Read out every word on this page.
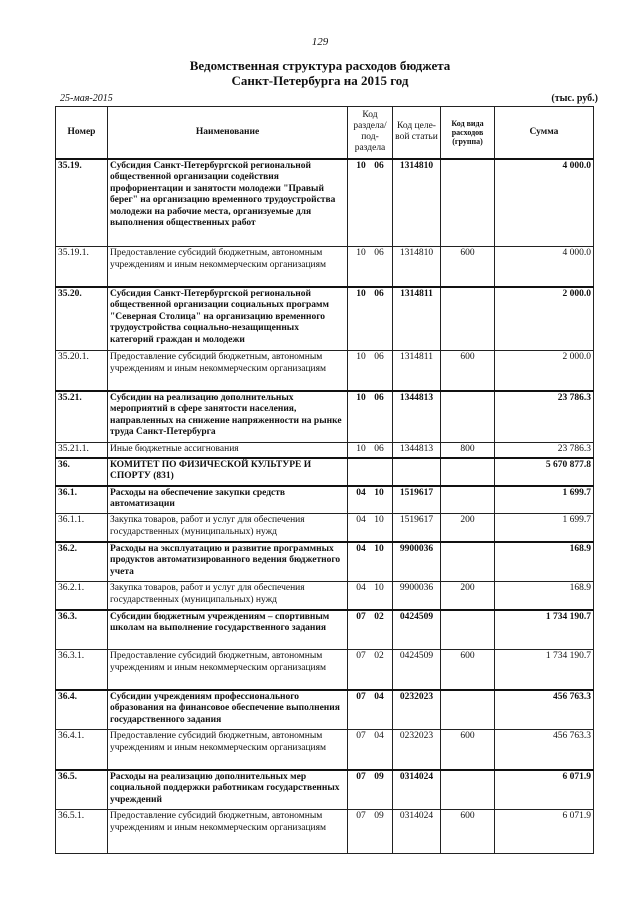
129
Ведомственная структура расходов бюджета
Санкт-Петербурга на 2015 год
25-мая-2015	(тыс. руб.)
Номер	Наименование	Код раздела/ под-раздела	Код целе-вой статьи	Код вида расходов (группа)	Сумма
35.19.	Субсидия Санкт-Петербургской региональной общественной организации содействия профориентации и занятости молодежи "Правый берег" на организацию временного трудоустройства молодежи на рабочие места, организуемые для выполнения общественных работ	10 06	1314810		4 000.0
35.19.1.	Предоставление субсидий бюджетным, автономным учреждениям и иным некоммерческим организациям	10 06	1314810	600	4 000.0
35.20.	Субсидия Санкт-Петербургской региональной общественной организации социальных программ "Северная Столица" на организацию временного трудоустройства социально-незащищенных категорий граждан и молодежи	10 06	1314811		2 000.0
35.20.1.	Предоставление субсидий бюджетным, автономным учреждениям и иным некоммерческим организациям	10 06	1314811	600	2 000.0
35.21.	Субсидии на реализацию дополнительных мероприятий в сфере занятости населения, направленных на снижение напряженности на рынке труда Санкт-Петербурга	10 06	1344813		23 786.3
35.21.1.	Иные бюджетные ассигнования	10 06	1344813	800	23 786.3
36.	КОМИТЕТ ПО ФИЗИЧЕСКОЙ КУЛЬТУРЕ И СПОРТУ (831)				5 670 877.8
36.1.	Расходы на обеспечение закупки средств автоматизации	04 10	1519617		1 699.7
36.1.1.	Закупка товаров, работ и услуг для обеспечения государственных (муниципальных) нужд	04 10	1519617	200	1 699.7
36.2.	Расходы на эксплуатацию и развитие программных продуктов автоматизированного ведения бюджетного учета	04 10	9900036		168.9
36.2.1.	Закупка товаров, работ и услуг для обеспечения государственных (муниципальных) нужд	04 10	9900036	200	168.9
36.3.	Субсидии бюджетным учреждениям – спортивным школам на выполнение государственного задания	07 02	0424509		1 734 190.7
36.3.1.	Предоставление субсидий бюджетным, автономным учреждениям и иным некоммерческим организациям	07 02	0424509	600	1 734 190.7
36.4.	Субсидии учреждениям профессионального образования на финансовое обеспечение выполнения государственного задания	07 04	0232023		456 763.3
36.4.1.	Предоставление субсидий бюджетным, автономным учреждениям и иным некоммерческим организациям	07 04	0232023	600	456 763.3
36.5.	Расходы на реализацию дополнительных мер социальной поддержки работникам государственных учреждений	07 09	0314024		6 071.9
36.5.1.	Предоставление субсидий бюджетным, автономным учреждениям и иным некоммерческим организациям	07 09	0314024	600	6 071.9
